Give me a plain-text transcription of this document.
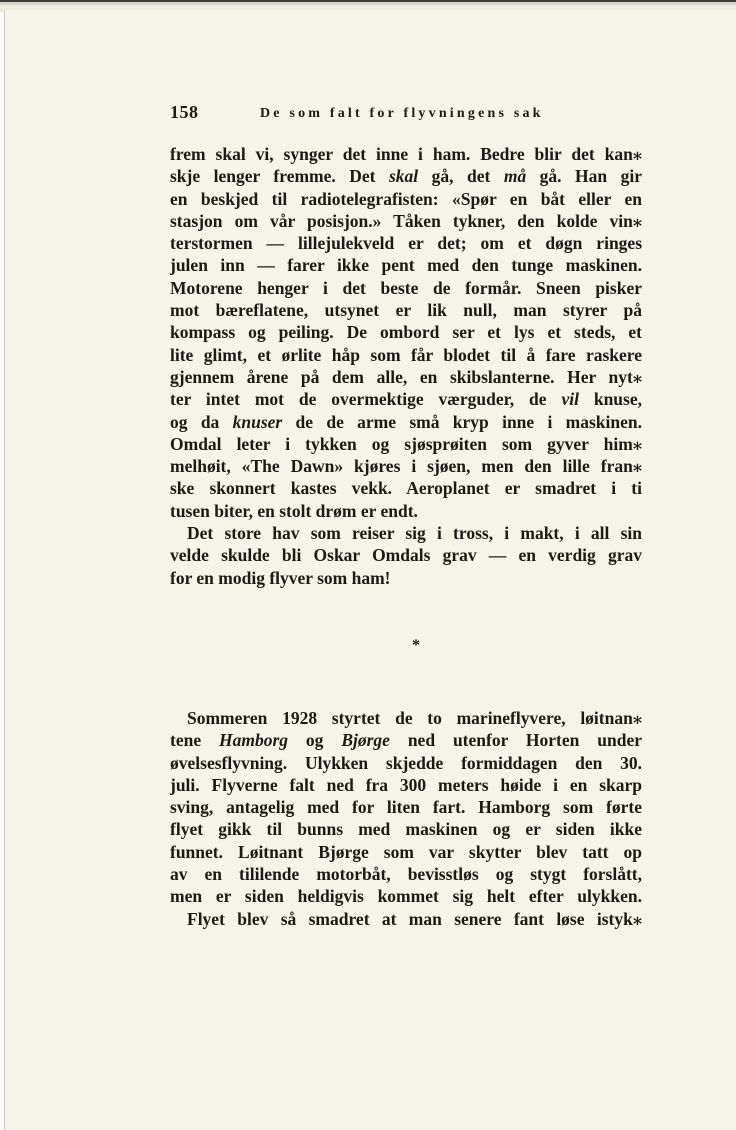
158	De som falt for flyvningens sak
frem skal vi, synger det inne i ham. Bedre blir det kan⁎
skje lenger fremme. Det skal gå, det må gå. Han gir
en beskjed til radiotelegrafisten: «Spør en båt eller en
stasjon om vår posisjon.» Tåken tykner, den kolde vin⁎
terstormen — lillejulekveld er det; om et døgn ringes
julen inn — farer ikke pent med den tunge maskinen.
Motorene henger i det beste de formår. Sneen pisker
mot bæreflatene, utsynet er lik null, man styrer på
kompass og peiling. De ombord ser et lys et steds, et
lite glimt, et ørlite håp som får blodet til å fare raskere
gjennem årene på dem alle, en skibslanterne. Her nyt⁎
ter intet mot de overmektige værguder, de vil knuse,
og da knuser de de arme små kryp inne i maskinen.
Omdal leter i tykken og sjøsprøiten som gyver him⁎
melhøit, «The Dawn» kjøres i sjøen, men den lille fran⁎
ske skonnert kastes vekk. Aeroplanet er smadret i ti
tusen biter, en stolt drøm er endt.
Det store hav som reiser sig i tross, i makt, i all sin
velde skulde bli Oskar Omdals grav — en verdig grav
for en modig flyver som ham!
*
Sommeren 1928 styrtet de to marineflyvere, løitnan⁎
tene Hamborg og Bjørge ned utenfor Horten under
øvelsesflyvning. Ulykken skjedde formiddagen den 30.
juli. Flyverne falt ned fra 300 meters høide i en skarp
sving, antagelig med for liten fart. Hamborg som førte
flyet gikk til bunns med maskinen og er siden ikke
funnet. Løitnant Bjørge som var skytter blev tatt op
av en tililende motorbåt, bevisstløs og stygt forslått,
men er siden heldigvis kommet sig helt efter ulykken.
Flyet blev så smadret at man senere fant løse istyk⁎
